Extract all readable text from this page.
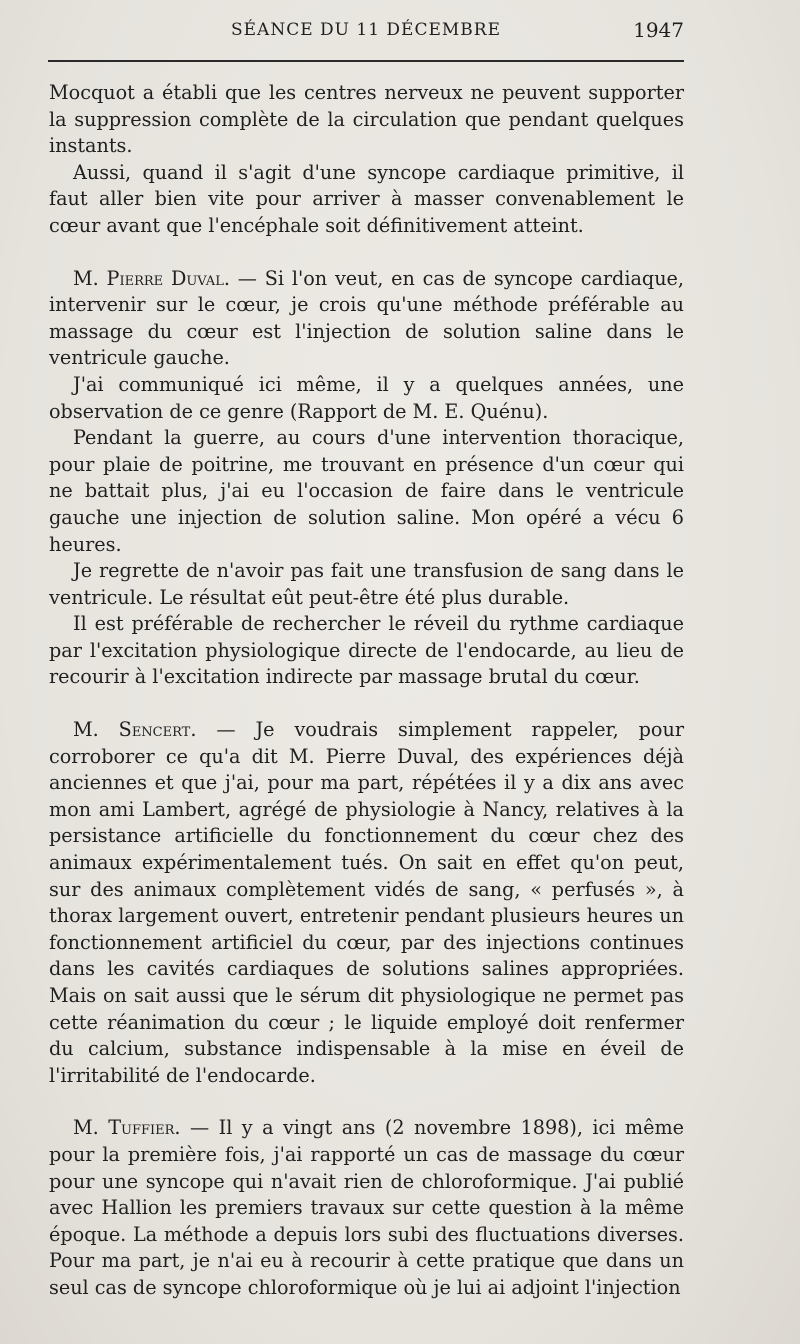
SÉANCE DU 11 DÉCEMBRE	1947

Mocquot a établi que les centres nerveux ne peuvent supporter la suppression complète de la circulation que pendant quelques instants.

Aussi, quand il s'agit d'une syncope cardiaque primitive, il faut aller bien vite pour arriver à masser convenablement le cœur avant que l'encéphale soit définitivement atteint.

M. Pierre Duval. — Si l'on veut, en cas de syncope cardiaque, intervenir sur le cœur, je crois qu'une méthode préférable au massage du cœur est l'injection de solution saline dans le ventricule gauche.

J'ai communiqué ici même, il y a quelques années, une observation de ce genre (Rapport de M. E. Quénu).

Pendant la guerre, au cours d'une intervention thoracique, pour plaie de poitrine, me trouvant en présence d'un cœur qui ne battait plus, j'ai eu l'occasion de faire dans le ventricule gauche une injection de solution saline. Mon opéré a vécu 6 heures.

Je regrette de n'avoir pas fait une transfusion de sang dans le ventricule. Le résultat eût peut-être été plus durable.

Il est préférable de rechercher le réveil du rythme cardiaque par l'excitation physiologique directe de l'endocarde, au lieu de recourir à l'excitation indirecte par massage brutal du cœur.

M. Sencert. — Je voudrais simplement rappeler, pour corroborer ce qu'a dit M. Pierre Duval, des expériences déjà anciennes et que j'ai, pour ma part, répétées il y a dix ans avec mon ami Lambert, agrégé de physiologie à Nancy, relatives à la persistance artificielle du fonctionnement du cœur chez des animaux expérimentalement tués. On sait en effet qu'on peut, sur des animaux complètement vidés de sang, « perfusés », à thorax largement ouvert, entretenir pendant plusieurs heures un fonctionnement artificiel du cœur, par des injections continues dans les cavités cardiaques de solutions salines appropriées. Mais on sait aussi que le sérum dit physiologique ne permet pas cette réanimation du cœur ; le liquide employé doit renfermer du calcium, substance indispensable à la mise en éveil de l'irritabilité de l'endocarde.

M. Tuffier. — Il y a vingt ans (2 novembre 1898), ici même pour la première fois, j'ai rapporté un cas de massage du cœur pour une syncope qui n'avait rien de chloroformique. J'ai publié avec Hallion les premiers travaux sur cette question à la même époque. La méthode a depuis lors subi des fluctuations diverses. Pour ma part, je n'ai eu à recourir à cette pratique que dans un seul cas de syncope chloroformique où je lui ai adjoint l'injection
